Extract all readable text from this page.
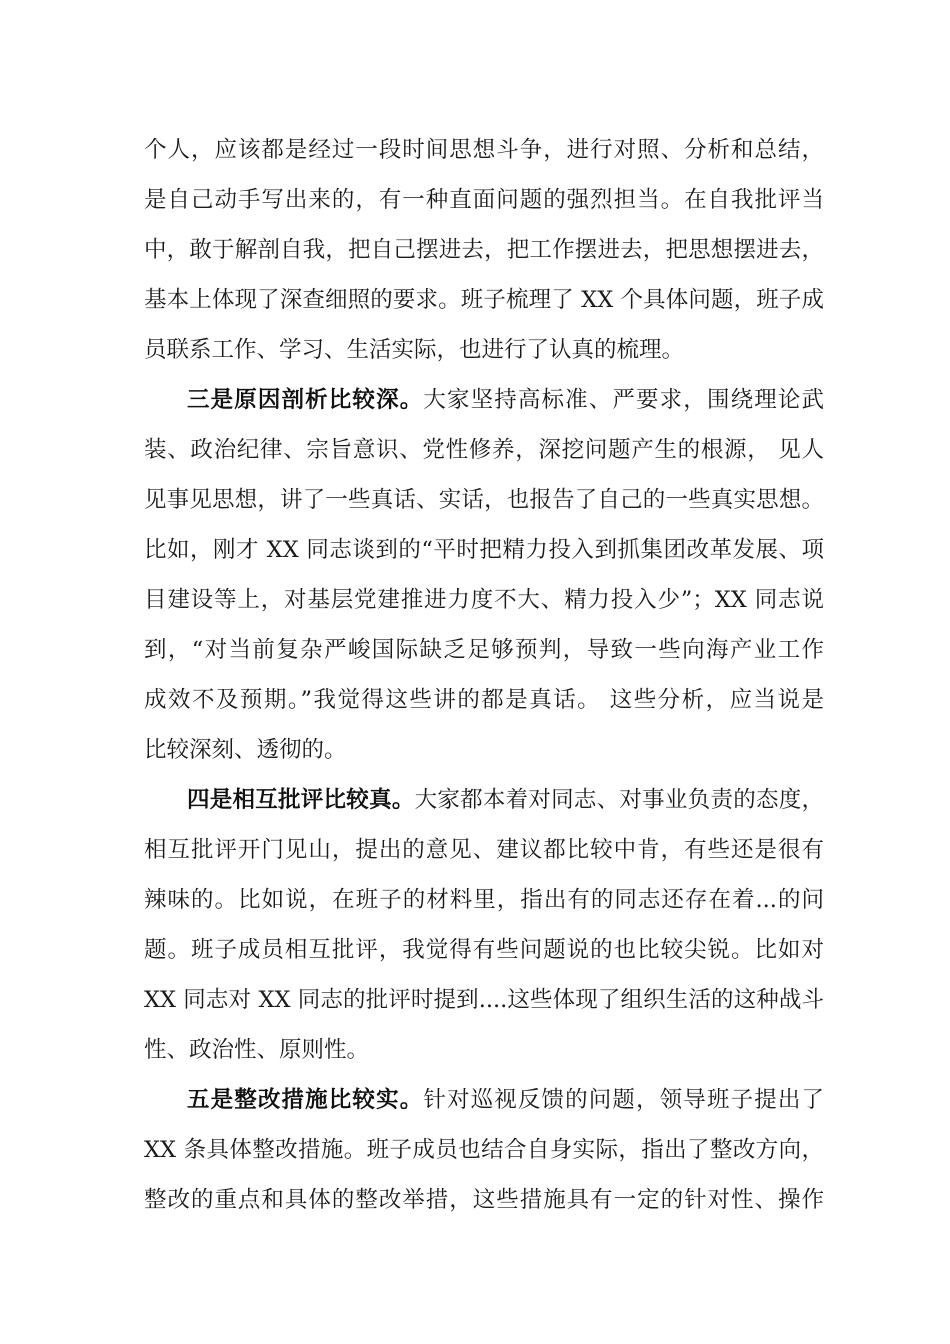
个人，应该都是经过一段时间思想斗争，进行对照、分析和总结，
是自己动手写出来的，有一种直面问题的强烈担当。在自我批评当
中，敢于解剖自我，把自己摆进去，把工作摆进去，把思想摆进去，
基本上体现了深查细照的要求。班子梳理了 XX 个具体问题，班子成
员联系工作、学习、生活实际，也进行了认真的梳理。
三是原因剖析比较深。大家坚持高标准、严要求，围绕理论武
装、政治纪律、宗旨意识、党性修养，深挖问题产生的根源， 见人
见事见思想，讲了一些真话、实话，也报告了自己的一些真实思想。
比如，刚才 XX 同志谈到的“平时把精力投入到抓集团改革发展、项
目建设等上，对基层党建推进力度不大、精力投入少”；XX 同志说
到，“对当前复杂严峻国际缺乏足够预判，导致一些向海产业工作
成效不及预期。”我觉得这些讲的都是真话。 这些分析，应当说是
比较深刻、透彻的。
四是相互批评比较真。大家都本着对同志、对事业负责的态度，
相互批评开门见山，提出的意见、建议都比较中肯，有些还是很有
辣味的。比如说，在班子的材料里，指出有的同志还存在着...的问
题。班子成员相互批评，我觉得有些问题说的也比较尖锐。比如对
XX 同志对 XX 同志的批评时提到....这些体现了组织生活的这种战斗
性、政治性、原则性。
五是整改措施比较实。针对巡视反馈的问题，领导班子提出了
XX 条具体整改措施。班子成员也结合自身实际，指出了整改方向，
整改的重点和具体的整改举措，这些措施具有一定的针对性、操作
